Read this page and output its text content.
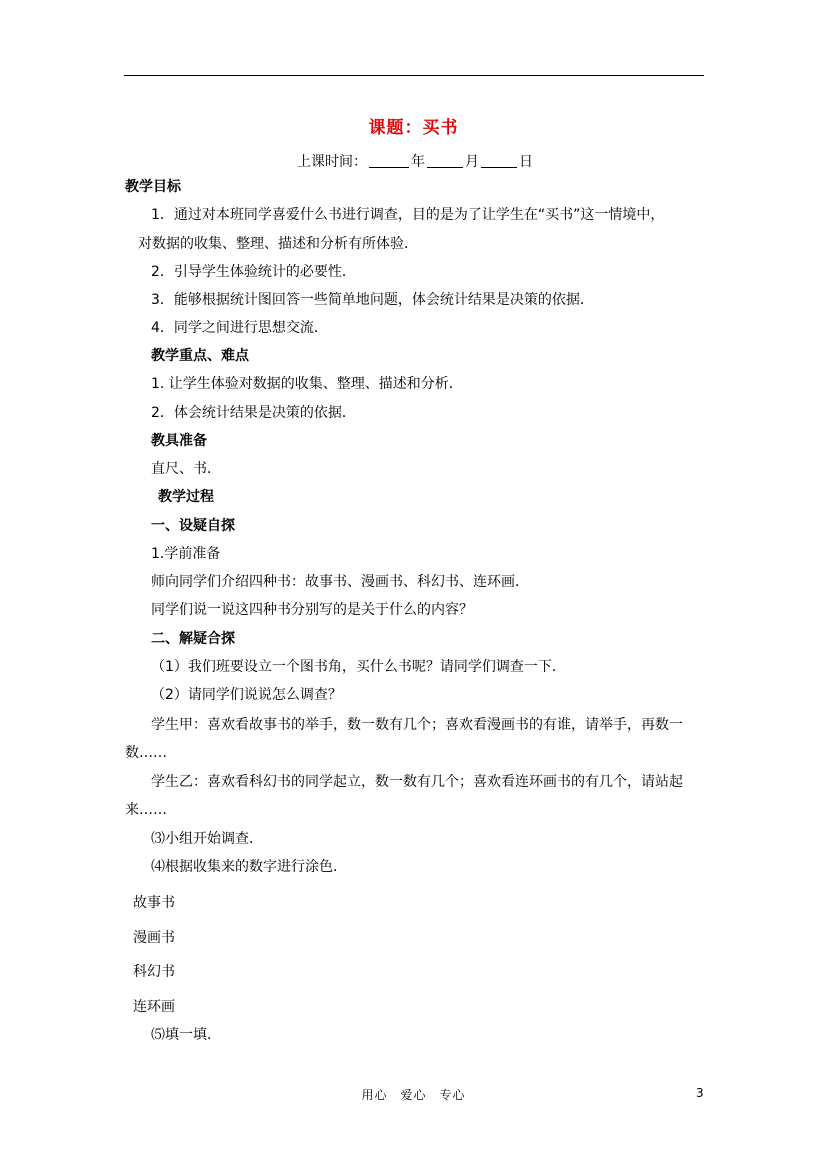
课题：买书
上课时间：	年	月	日
教学目标
1．通过对本班同学喜爱什么书进行调查，目的是为了让学生在“买书”这一情境中，
对数据的收集、整理、描述和分析有所体验．
2．引导学生体验统计的必要性．
3．能够根据统计图回答一些简单地问题，体会统计结果是决策的依据．
4．同学之间进行思想交流．
教学重点、难点
1. 让学生体验对数据的收集、整理、描述和分析．
2．体会统计结果是决策的依据．
教具准备
直尺、书．
教学过程
一、设疑自探
1.学前准备
师向同学们介绍四种书：故事书、漫画书、科幻书、连环画．
同学们说一说这四种书分别写的是关于什么的内容？
二、解疑合探
（1）我们班要设立一个图书角，买什么书呢？请同学们调查一下．
（2）请同学们说说怎么调查？
学生甲：喜欢看故事书的举手，数一数有几个；喜欢看漫画书的有谁，请举手，再数一
数……
学生乙：喜欢看科幻书的同学起立，数一数有几个；喜欢看连环画书的有几个，请站起
来……
⑶小组开始调查．
⑷根据收集来的数字进行涂色．
故事书
漫画书
科幻书
连环画
⑸填一填．
用心　爱心　专心	3
